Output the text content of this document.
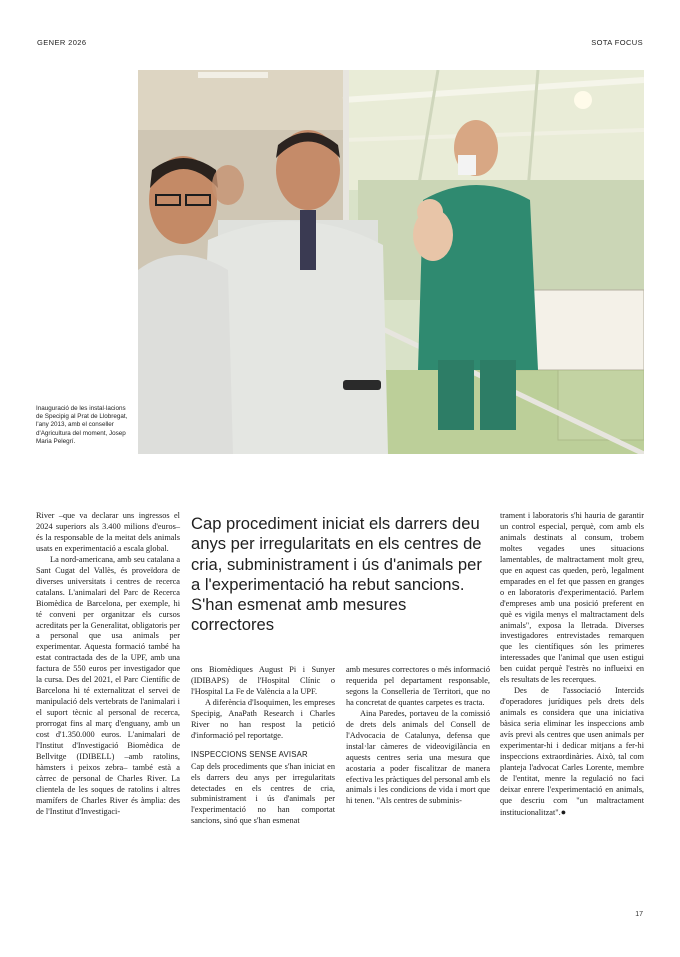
GENER 2026	SOTA FOCUS
Inauguració de les instal·lacions de Specipig al Prat de Llobregat, l'any 2013, amb el conseller d'Agricultura del moment, Josep Maria Pelegrí.

River –que va declarar uns ingressos el 2024 superiors als 3.400 milions d'euros– és la responsable de la meitat dels animals usats en experimentació a escala global.

La nord-americana, amb seu catalana a Sant Cugat del Vallès, és proveïdora de diverses universitats i centres de recerca catalans. L'animalari del Parc de Recerca Biomèdica de Barcelona, per exemple, hi té conveni per organitzar els cursos acreditats per la Generalitat, obligatoris per a personal que usa animals per experimentar. Aquesta formació també ha estat contractada des de la UPF, amb una factura de 550 euros per investigador que la cursa. Des del 2021, el Parc Científic de Barcelona hi té externalitzat el servei de manipulació dels vertebrats de l'animalari i el suport tècnic al personal de recerca, prorrogat fins al març d'enguany, amb un cost d'1.350.000 euros. L'animalari de l'Institut d'Investigació Biomèdica de Bellvitge (IDIBELL) –amb ratolins, hàmsters i peixos zebra– també està a càrrec de personal de Charles River. La clientela de les soques de ratolins i altres mamífers de Charles River és àmplia: des de l'Institut d'Investigaci-

Cap procediment iniciat els darrers deu anys per irregularitats en els centres de cria, subministrament i ús d'animals per a l'experimentació ha rebut sancions. S'han esmenat amb mesures correctores

ons Biomèdiques August Pi i Sunyer (IDIBAPS) de l'Hospital Clínic o l'Hospital La Fe de València a la UPF.

A diferència d'Isoquimen, les empreses Specipig, AnaPath Research i Charles River no han respost la petició d'informació pel reportatge.

INSPECCIONS SENSE AVISAR

Cap dels procediments que s'han iniciat en els darrers deu anys per irregularitats detectades en els centres de cria, subministrament i ús d'animals per l'experimentació no han comportat sancions, sinó que s'han esmenat

amb mesures correctores o més informació requerida pel departament responsable, segons la Conselleria de Territori, que no ha concretat de quantes carpetes es tracta.

Aina Paredes, portaveu de la comissió de drets dels animals del Consell de l'Advocacia de Catalunya, defensa que instal·lar càmeres de videovigilància en aquests centres seria una mesura que acostaria a poder fiscalitzar de manera efectiva les pràctiques del personal amb els animals i les condicions de vida i mort que hi tenen. "Als centres de subminis-

trament i laboratoris s'hi hauria de garantir un control especial, perquè, com amb els animals destinats al consum, trobem moltes vegades unes situacions lamentables, de maltractament molt greu, que en aquest cas queden, però, legalment emparades en el fet que passen en granges o en laboratoris d'experimentació. Parlem d'empreses amb una posició preferent en què es vigila menys el maltractament dels animals", exposa la lletrada. Diverses investigadores entrevistades remarquen que les científiques són les primeres interessades que l'animal que usen estigui ben cuidat perquè l'estrès no influeixi en els resultats de les recerques.

Des de l'associació Intercids d'operadores jurídiques pels drets dels animals es considera que una iniciativa bàsica seria eliminar les inspeccions amb avís previ als centres que usen animals per experimentar-hi i dedicar mitjans a fer-hi inspeccions extraordinàries. Això, tal com planteja l'advocat Carles Lorente, membre de l'entitat, menre la regulació no faci deixar enrere l'experimentació en animals, que descriu com "un maltractament institucionalitzat".●

17
